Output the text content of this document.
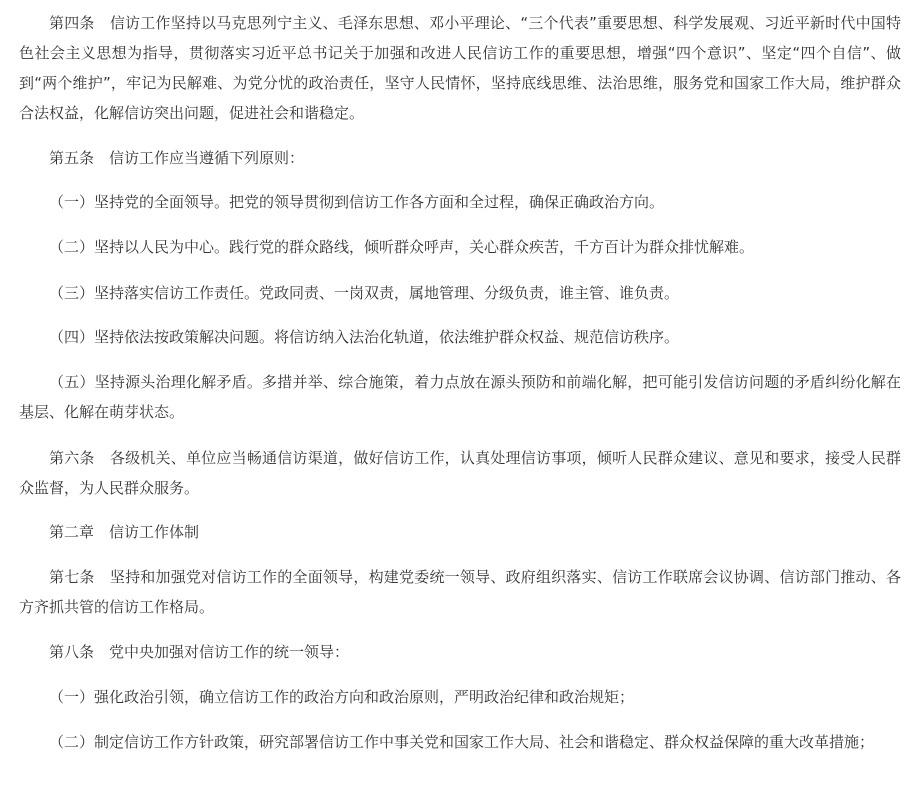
第四条　信访工作坚持以马克思列宁主义、毛泽东思想、邓小平理论、“三个代表”重要思想、科学发展观、习近平新时代中国特色社会主义思想为指导，贯彻落实习近平总书记关于加强和改进人民信访工作的重要思想，增强“四个意识”、坚定“四个自信”、做到“两个维护”，牢记为民解难、为党分忧的政治责任，坚守人民情怀，坚持底线思维、法治思维，服务党和国家工作大局，维护群众合法权益，化解信访突出问题，促进社会和谐稳定。

第五条　信访工作应当遵循下列原则：

（一）坚持党的全面领导。把党的领导贯彻到信访工作各方面和全过程，确保正确政治方向。

（二）坚持以人民为中心。践行党的群众路线，倾听群众呼声，关心群众疾苦，千方百计为群众排忧解难。

（三）坚持落实信访工作责任。党政同责、一岗双责，属地管理、分级负责，谁主管、谁负责。

（四）坚持依法按政策解决问题。将信访纳入法治化轨道，依法维护群众权益、规范信访秩序。

（五）坚持源头治理化解矛盾。多措并举、综合施策，着力点放在源头预防和前端化解，把可能引发信访问题的矛盾纠纷化解在基层、化解在萌芽状态。

第六条　各级机关、单位应当畅通信访渠道，做好信访工作，认真处理信访事项，倾听人民群众建议、意见和要求，接受人民群众监督，为人民群众服务。

第二章　信访工作体制

第七条　坚持和加强党对信访工作的全面领导，构建党委统一领导、政府组织落实、信访工作联席会议协调、信访部门推动、各方齐抓共管的信访工作格局。

第八条　党中央加强对信访工作的统一领导：

（一）强化政治引领，确立信访工作的政治方向和政治原则，严明政治纪律和政治规矩；

（二）制定信访工作方针政策，研究部署信访工作中事关党和国家工作大局、社会和谐稳定、群众权益保障的重大改革措施；
